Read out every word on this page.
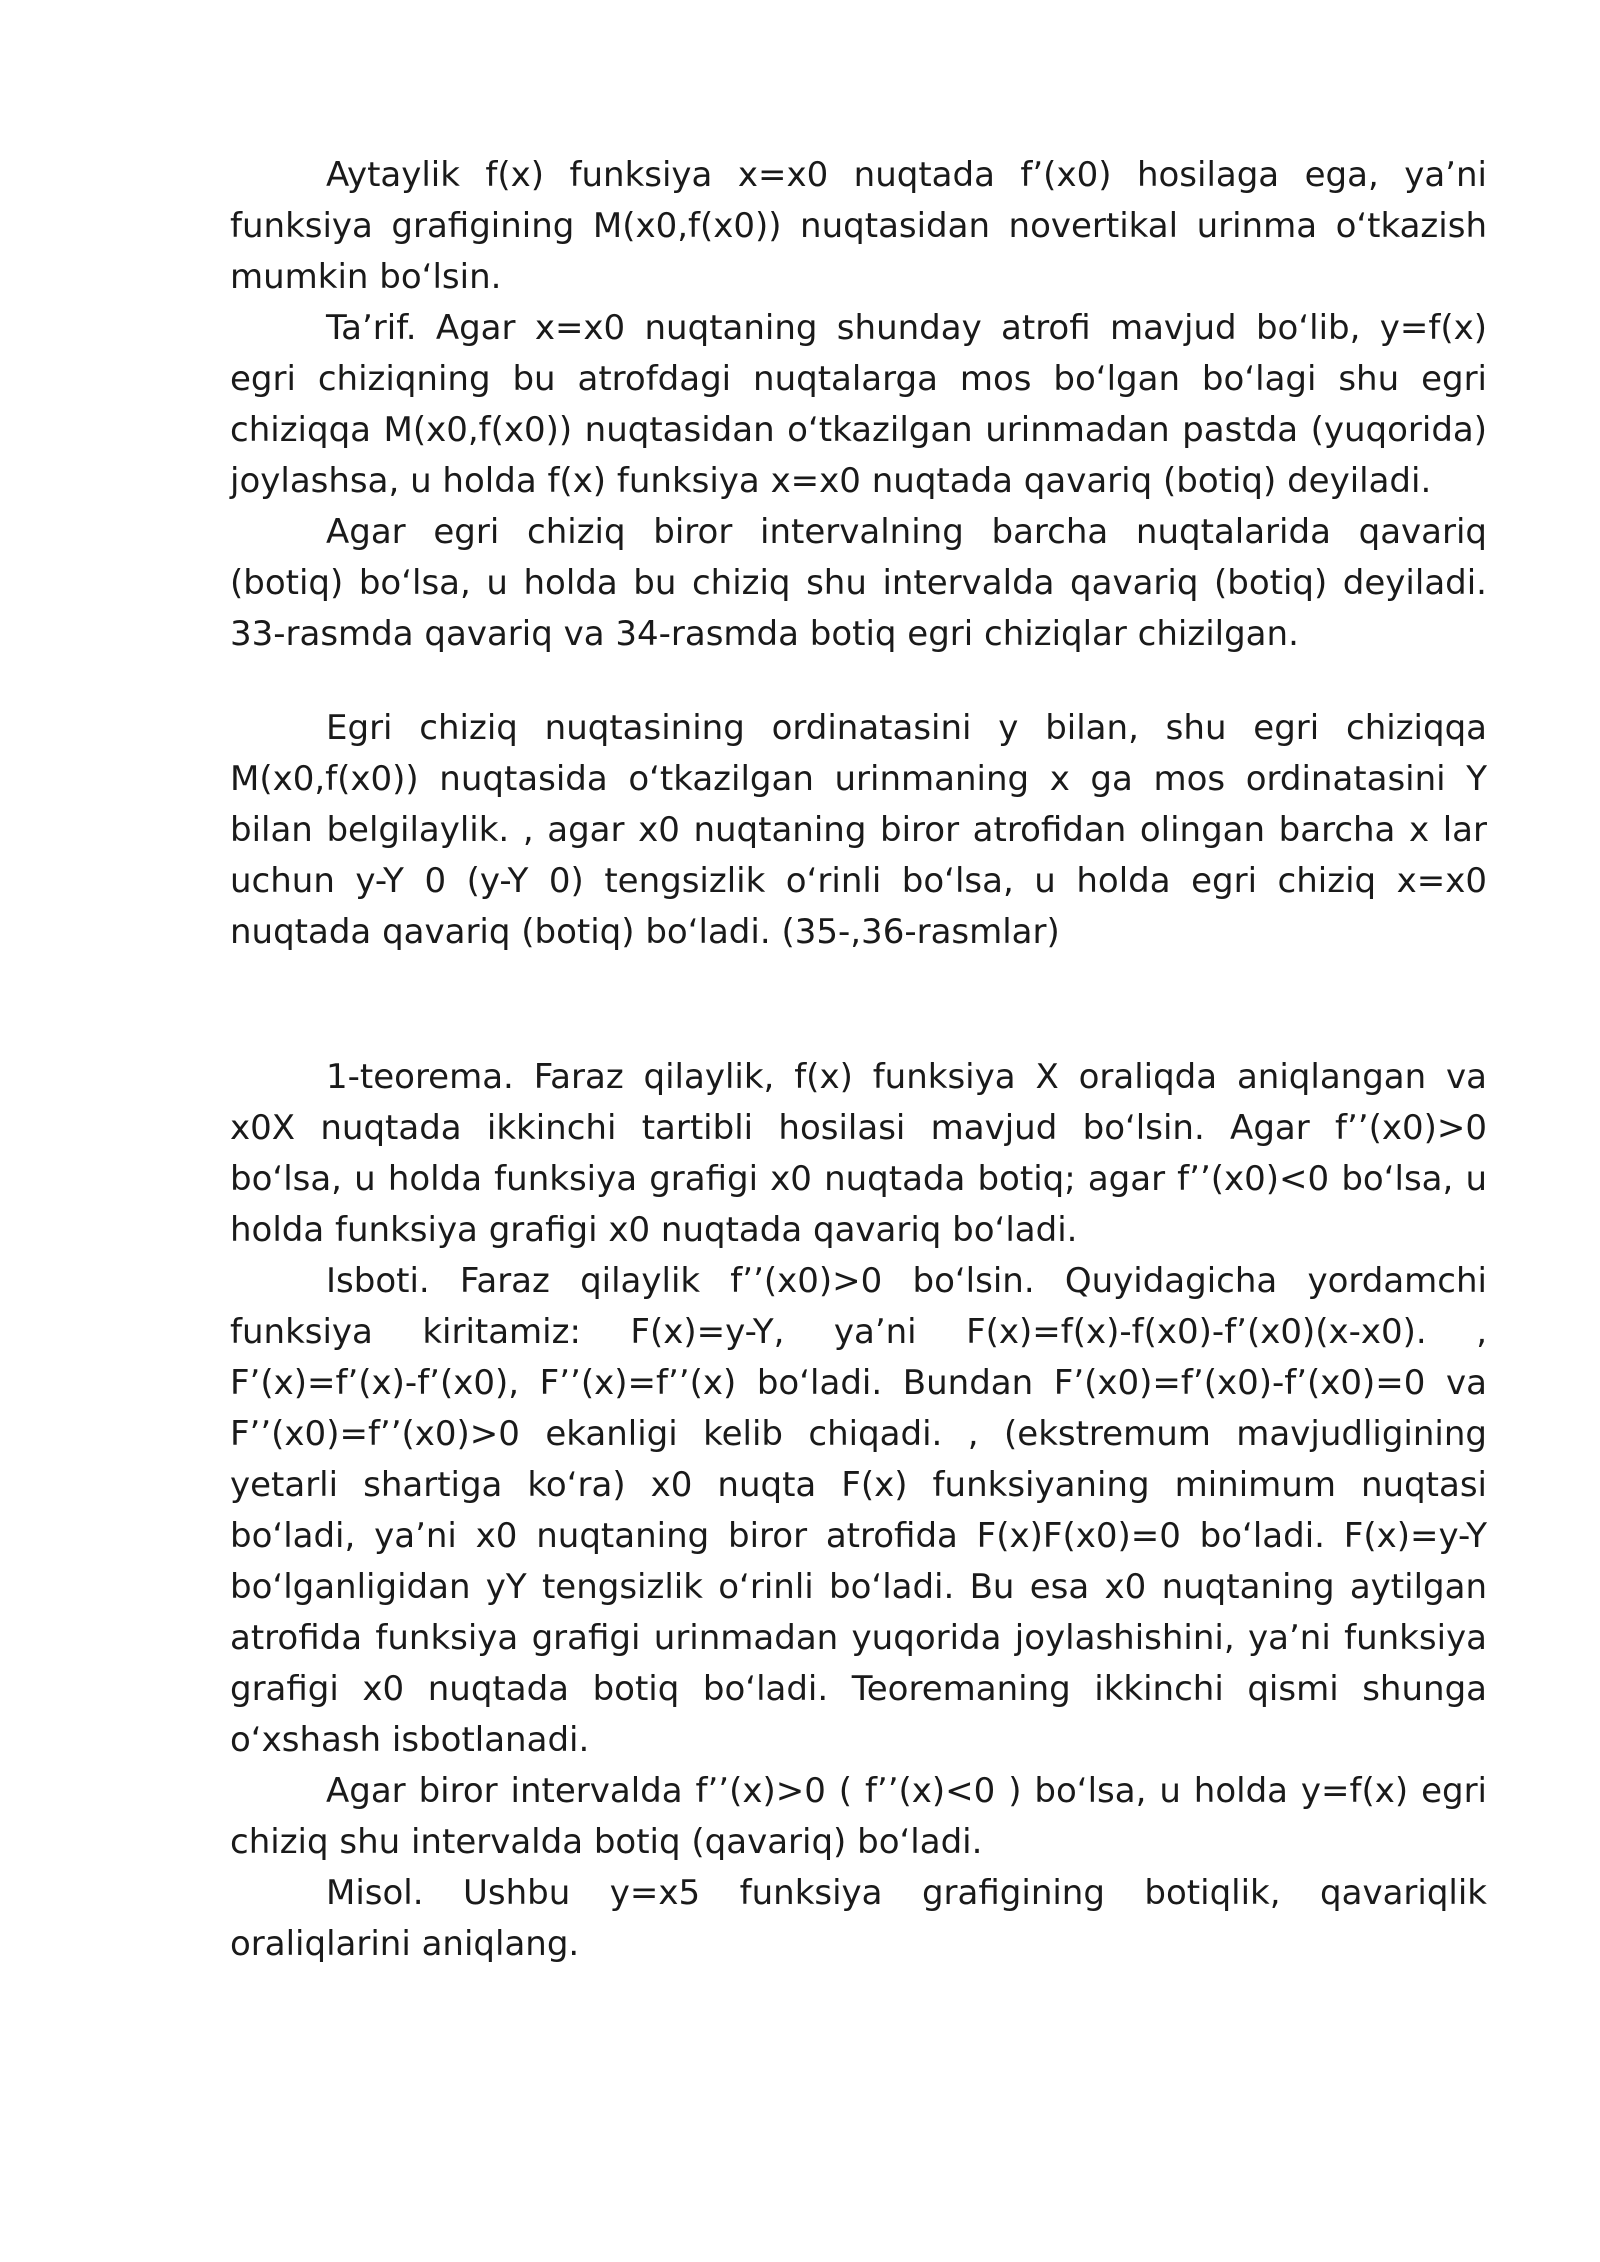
Aytaylik f(x) funksiya x=x0 nuqtada f’(x0) hosilaga ega, ya’ni funksiya grafigining M(x0,f(x0)) nuqtasidan novertikal urinma o‘tkazish mumkin bo‘lsin.

Ta’rif. Agar x=x0 nuqtaning shunday atrofi mavjud bo‘lib, y=f(x) egri chiziqning bu atrofdagi nuqtalarga mos bo‘lgan bo‘lagi shu egri chiziqqa M(x0,f(x0)) nuqtasidan o‘tkazilgan urinmadan pastda (yuqorida) joylashsa, u holda f(x) funksiya x=x0 nuqtada qavariq (botiq) deyiladi.

Agar egri chiziq biror intervalning barcha nuqtalarida qavariq (botiq) bo‘lsa, u holda bu chiziq shu intervalda qavariq (botiq) deyiladi. 33-rasmda qavariq va 34-rasmda botiq egri chiziqlar chizilgan.

Egri chiziq nuqtasining ordinatasini y bilan, shu egri chiziqqa M(x0,f(x0)) nuqtasida o‘tkazilgan urinmaning x ga mos ordinatasini Y bilan belgilaylik. , agar x0 nuqtaning biror atrofidan olingan barcha x lar uchun y-Y 0 (y-Y 0) tengsizlik o‘rinli bo‘lsa, u holda egri chiziq x=x0 nuqtada qavariq (botiq) bo‘ladi. (35-,36-rasmlar)

1-teorema. Faraz qilaylik, f(x) funksiya X oraliqda aniqlangan va x0X nuqtada ikkinchi tartibli hosilasi mavjud bo‘lsin. Agar f’’(x0)>0 bo‘lsa, u holda funksiya grafigi x0 nuqtada botiq; agar f’’(x0)<0 bo‘lsa, u holda funksiya grafigi x0 nuqtada qavariq bo‘ladi.

Isboti. Faraz qilaylik f’’(x0)>0 bo‘lsin. Quyidagicha yordamchi funksiya kiritamiz: F(x)=y-Y, ya’ni F(x)=f(x)-f(x0)-f’(x0)(x-x0). , F’(x)=f’(x)-f’(x0), F’’(x)=f’’(x) bo‘ladi. Bundan F’(x0)=f’(x0)-f’(x0)=0 va F’’(x0)=f’’(x0)>0 ekanligi kelib chiqadi. , (ekstremum mavjudligining yetarli shartiga ko‘ra) x0 nuqta F(x) funksiyaning minimum nuqtasi bo‘ladi, ya’ni x0 nuqtaning biror atrofida F(x)F(x0)=0 bo‘ladi. F(x)=y-Y bo‘lganligidan yY tengsizlik o‘rinli bo‘ladi. Bu esa x0 nuqtaning aytilgan atrofida funksiya grafigi urinmadan yuqorida joylashishini, ya’ni funksiya grafigi x0 nuqtada botiq bo‘ladi. Teoremaning ikkinchi qismi shunga o‘xshash isbotlanadi.

Agar biror intervalda f’’(x)>0 ( f’’(x)<0 ) bo‘lsa, u holda y=f(x) egri chiziq shu intervalda botiq (qavariq) bo‘ladi.

Misol. Ushbu y=x5 funksiya grafigining botiqlik, qavariqlik oraliqlarini aniqlang.
